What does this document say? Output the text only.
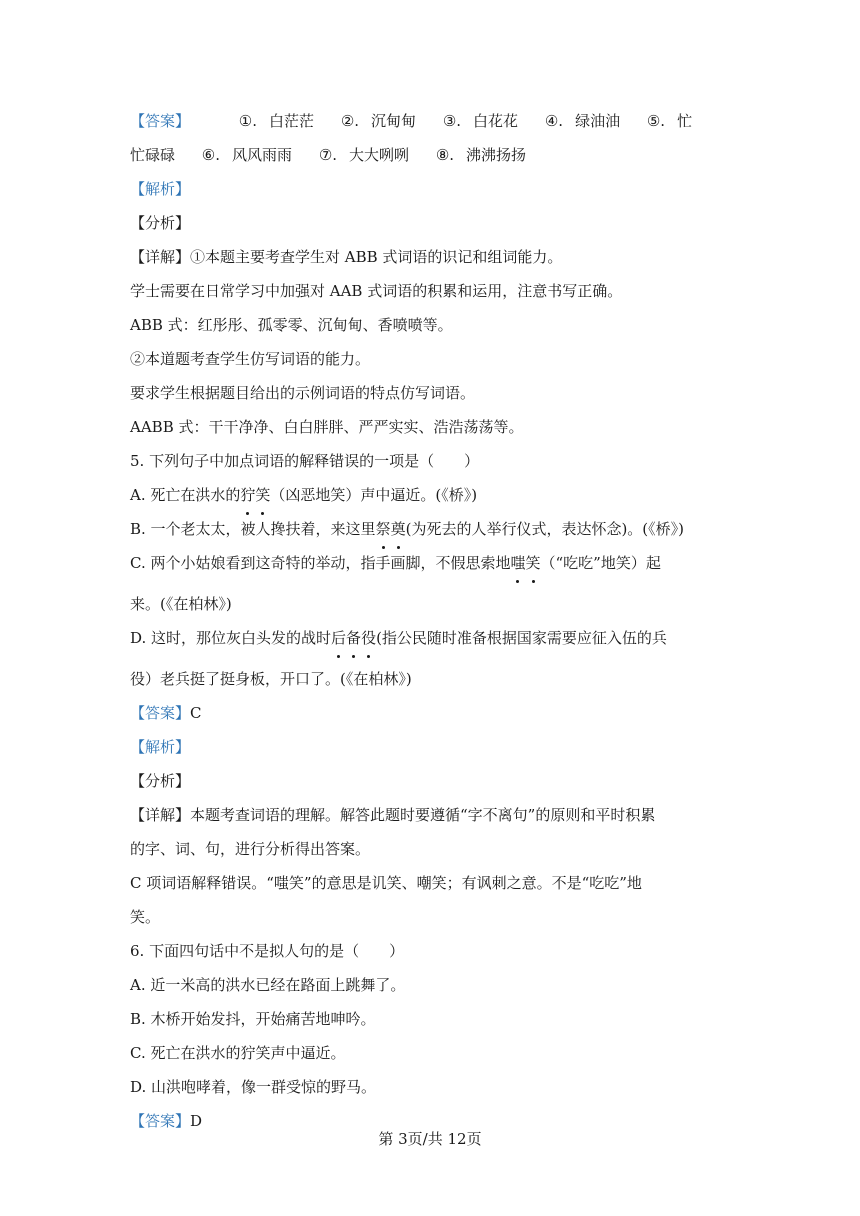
【答案】	①. 白茫茫 ②. 沉甸甸 ③. 白花花 ④. 绿油油 ⑤. 忙
忙碌碌 ⑥. 风风雨雨 ⑦. 大大咧咧 ⑧. 沸沸扬扬
【解析】
【分析】
【详解】①本题主要考查学生对 ABB 式词语的识记和组词能力。
学士需要在日常学习中加强对 AAB 式词语的积累和运用，注意书写正确。
ABB 式：红彤彤、孤零零、沉甸甸、香喷喷等。
②本道题考查学生仿写词语的能力。
要求学生根据题目给出的示例词语的特点仿写词语。
AABB 式：干干净净、白白胖胖、严严实实、浩浩荡荡等。
5. 下列句子中加点词语的解释错误的一项是（　　）
A. 死亡在洪水的狞笑（凶恶地笑）声中逼近。(《桥》)
B. 一个老太太，被人搀扶着，来这里祭奠(为死去的人举行仪式，表达怀念)。(《桥》)
C. 两个小姑娘看到这奇特的举动，指手画脚，不假思索地嗤笑（“吃吃”地笑）起
来。(《在柏林》)
D. 这时，那位灰白头发的战时后备役(指公民随时准备根据国家需要应征入伍的兵
役）老兵挺了挺身板，开口了。(《在柏林》)
【答案】C
【解析】
【分析】
【详解】本题考查词语的理解。解答此题时要遵循“字不离句”的原则和平时积累
的字、词、句，进行分析得出答案。
C 项词语解释错误。“嗤笑”的意思是讥笑、嘲笑；有讽刺之意。不是“吃吃”地
笑。
6. 下面四句话中不是拟人句的是（　　）
A. 近一米高的洪水已经在路面上跳舞了。
B. 木桥开始发抖，开始痛苦地呻吟。
C. 死亡在洪水的狞笑声中逼近。
D. 山洪咆哮着，像一群受惊的野马。
【答案】D
第 3页/共 12页
